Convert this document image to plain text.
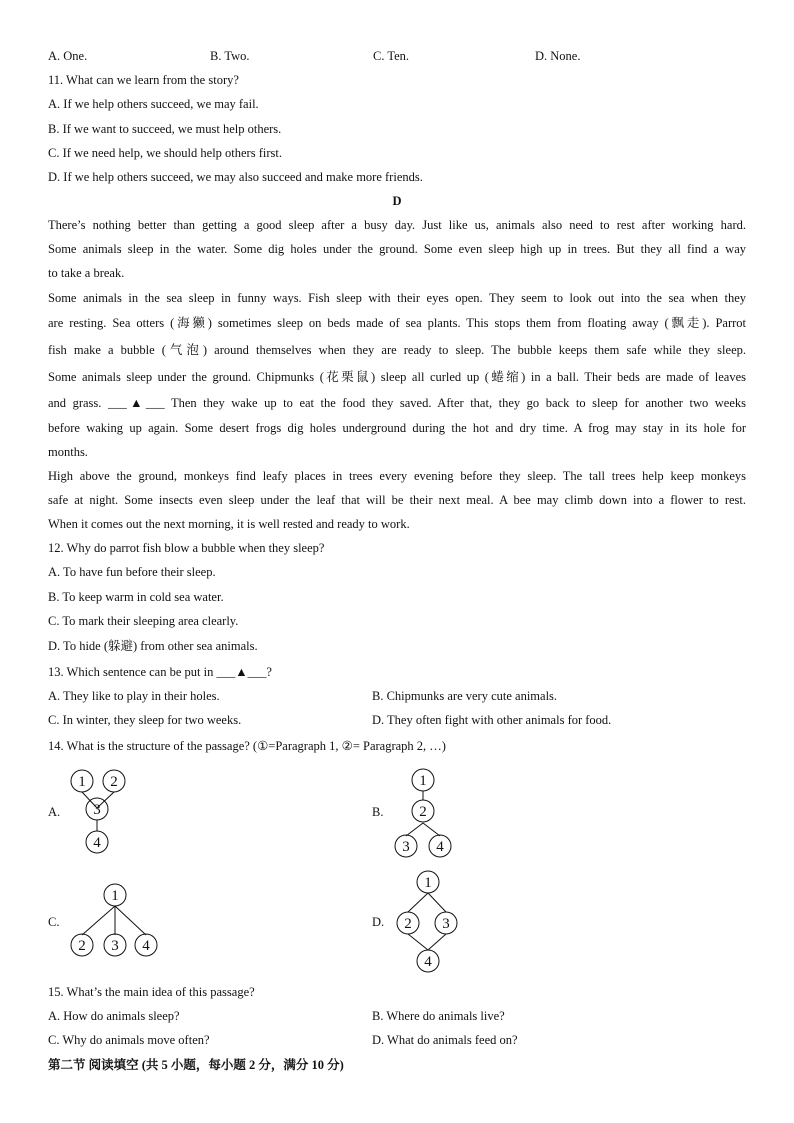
A. One.	B. Two.	C. Ten.	D. None.
11. What can we learn from the story?
A. If we help others succeed, we may fail.
B. If we want to succeed, we must help others.
C. If we need help, we should help others first.
D. If we help others succeed, we may also succeed and make more friends.
D
There’s nothing better than getting a good sleep after a busy day. Just like us, animals also need to rest after working hard.
Some animals sleep in the water. Some dig holes under the ground. Some even sleep high up in trees. But they all find a way
to take a break.
Some animals in the sea sleep in funny ways. Fish sleep with their eyes open. They seem to look out into the sea when they
are resting. Sea otters (海獭) sometimes sleep on beds made of sea plants. This stops them from floating away (飘走). Parrot
fish make a bubble (气泡) around themselves when they are ready to sleep. The bubble keeps them safe while they sleep.
Some animals sleep under the ground. Chipmunks (花栗鼠) sleep all curled up (蜷缩) in a ball. Their beds are made of leaves
and grass. ___▲___ Then they wake up to eat the food they saved. After that, they go back to sleep for another two weeks
before waking up again. Some desert frogs dig holes underground during the hot and dry time. A frog may stay in its hole for
months.
High above the ground, monkeys find leafy places in trees every evening before they sleep. The tall trees help keep monkeys
safe at night. Some insects even sleep under the leaf that will be their next meal. A bee may climb down into a flower to rest.
When it comes out the next morning, it is well rested and ready to work.
12. Why do parrot fish blow a bubble when they sleep?
A. To have fun before their sleep.
B. To keep warm in cold sea water.
C. To mark their sleeping area clearly.
D. To hide (躲避) from other sea animals.
13. Which sentence can be put in ___▲___?
A. They like to play in their holes.	B. Chipmunks are very cute animals.
C. In winter, they sleep for two weeks.	D. They often fight with other animals for food.
14. What is the structure of the passage? (①=Paragraph 1, ②= Paragraph 2, …)
A.	B.
C.	D.
1 2
3
4
1
2
3 4
1
2 3 4
1
2 3
4
15. What’s the main idea of this passage?
A. How do animals sleep?	B. Where do animals live?
C. Why do animals move often?	D. What do animals feed on?
第二节 阅读填空 (共 5 小题，每小题 2 分，满分 10 分)
